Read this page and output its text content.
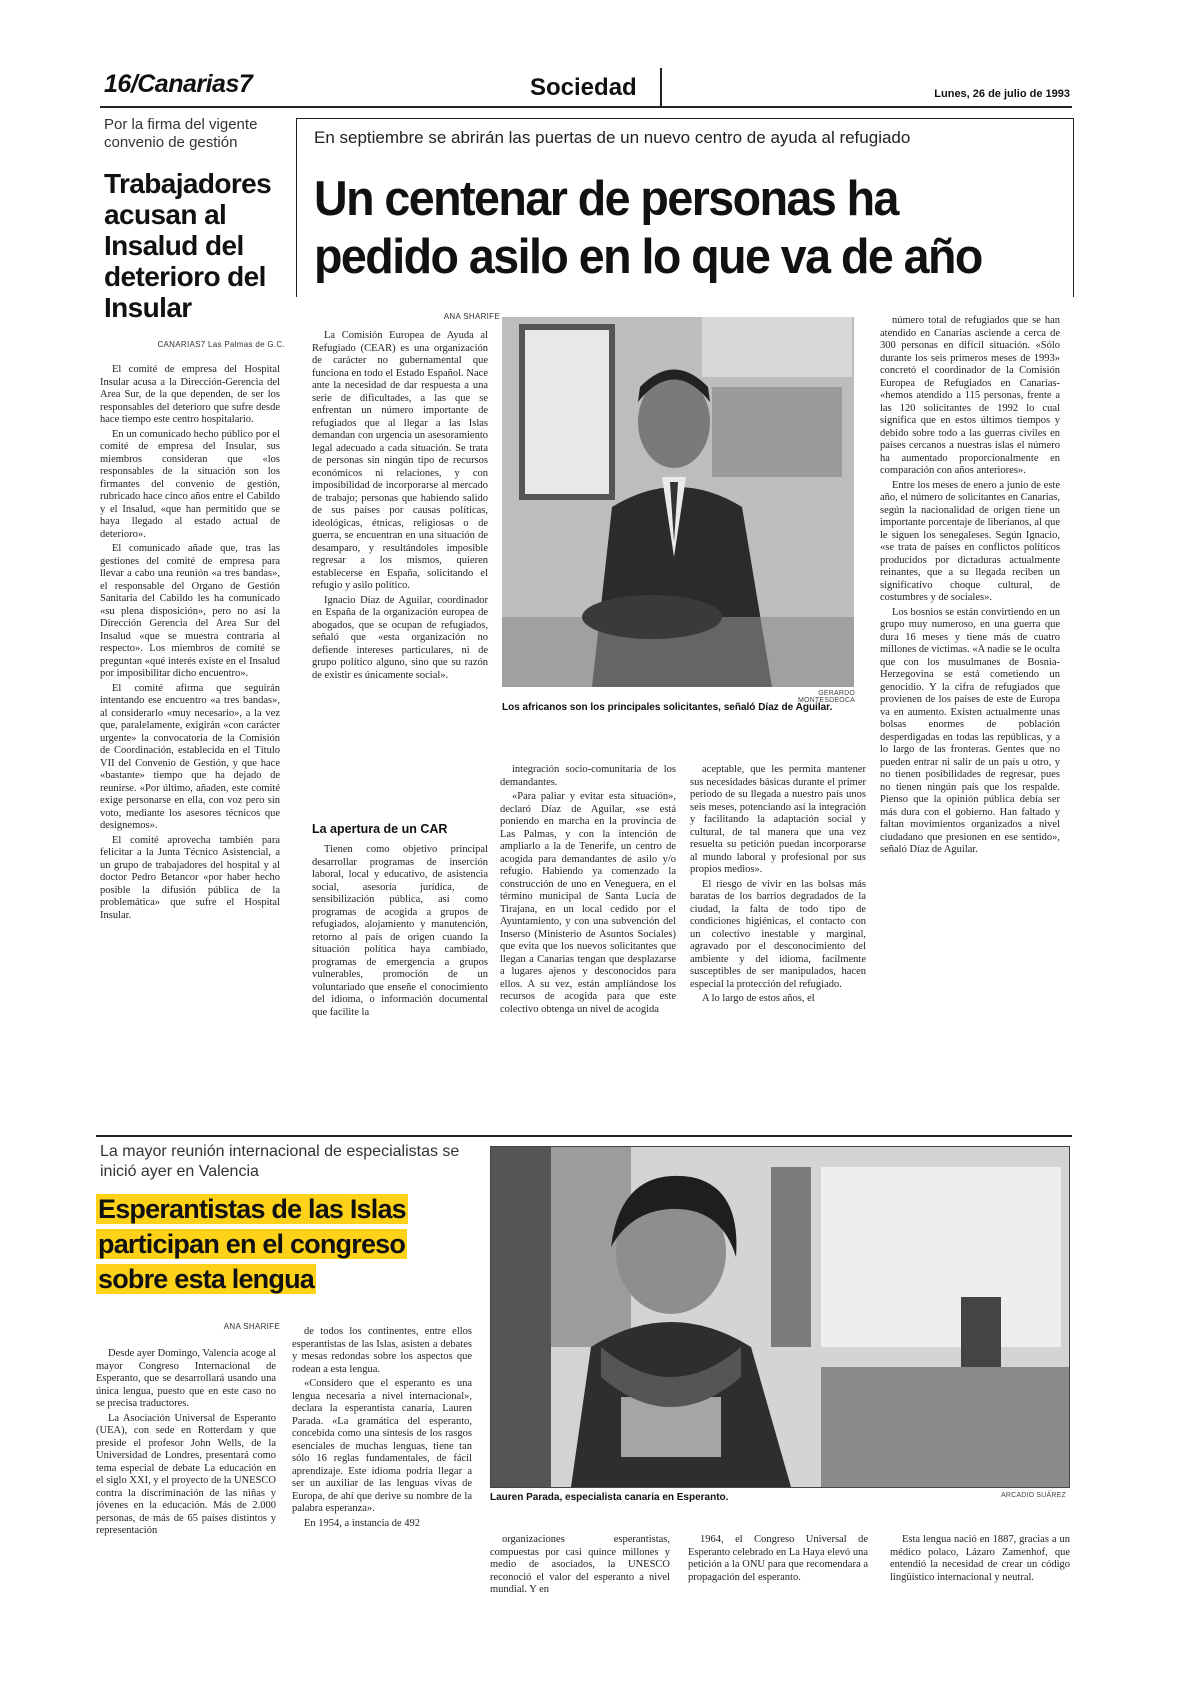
16/Canarias7	Sociedad	Lunes, 26 de julio de 1993
Por la firma del vigente convenio de gestión
Trabajadores acusan al Insalud del deterioro del Insular
CANARIAS7 Las Palmas de G.C.

El comité de empresa del Hospital Insular acusa a la Dirección-Gerencia del Area Sur, de la que dependen, de ser los responsables del deterioro que sufre desde hace tiempo este centro hospitalario.

En un comunicado hecho público por el comité de empresa del Insular, sus miembros consideran que «los responsables de la situación son los firmantes del convenio de gestión, rubricado hace cinco años entre el Cabildo y el Insalud, «que han permitido que se haya llegado al estado actual de deterioro».

El comunicado añade que, tras las gestiones del comité de empresa para llevar a cabo una reunión «a tres bandas», el responsable del Organo de Gestión Sanitaria del Cabildo les ha comunicado «su plena disposición», pero no así la Dirección Gerencia del Area Sur del Insalud «que se muestra contraria al respecto». Los miembros de comité se preguntan «qué interés existe en el Insalud por imposibilitar dicho encuentro».

El comité afirma que seguirán intentando ese encuentro «a tres bandas», al considerarlo «muy necesario», a la vez que, paralelamente, exigirán «con carácter urgente» la convocatoria de la Comisión de Coordinación, establecida en el Título VII del Convenio de Gestión, y que hace «bastante» tiempo que ha dejado de reunirse. «Por último, añaden, este comité exige personarse en ella, con voz pero sin voto, mediante los asesores técnicos que designemos».

El comité aprovecha también para felicitar a la Junta Técnico Asistencial, a un grupo de trabajadores del hospital y al doctor Pedro Betancor «por haber hecho posible la difusión pública de la problemática» que sufre el Hospital Insular.

En septiembre se abrirán las puertas de un nuevo centro de ayuda al refugiado
Un centenar de personas ha
pedido asilo en lo que va de año
ANA SHARIFE

La Comisión Europea de Ayuda al Refugiado (CEAR) es una organización de carácter no gubernamental que funciona en todo el Estado Español. Nace ante la necesidad de dar respuesta a una serie de dificultades, a las que se enfrentan un número importante de refugiados que al llegar a las Islas demandan con urgencia un asesoramiento legal adecuado a cada situación. Se trata de personas sin ningún tipo de recursos económicos ni relaciones, y con imposibilidad de incorporarse al mercado de trabajo; personas que habiendo salido de sus países por causas políticas, ideológicas, étnicas, religiosas o de guerra, se encuentran en una situación de desamparo, y resultándoles imposible regresar a los mismos, quieren establecerse en España, solicitando el refugio y asilo político.

Ignacio Díaz de Aguilar, coordinador en España de la organización europea de abogados, que se ocupan de refugiados, señaló que «esta organización no defiende intereses particulares, ni de grupo político alguno, sino que su razón de existir es únicamente social».

GERARDO MONTESDEOCA
Los africanos son los principales solicitantes, señaló Díaz de Aguilar.
La apertura de un CAR

Tienen como objetivo principal desarrollar programas de inserción laboral, local y educativo, de asistencia social, asesoría jurídica, de sensibilización pública, así como programas de acogida a grupos de refugiados, alojamiento y manutención, retorno al país de origen cuando la situación política haya cambiado, programas de emergencia a grupos vulnerables, promoción de un voluntariado que enseñe el conocimiento del idioma, o información documental que facilite la

integración socio-comunitaria de los demandantes.

«Para paliar y evitar esta situación», declaró Díaz de Aguilar, «se está poniendo en marcha en la provincia de Las Palmas, y con la intención de ampliarlo a la de Tenerife, un centro de acogida para demandantes de asilo y/o refugio. Habiendo ya comenzado la construcción de uno en Veneguera, en el término municipal de Santa Lucía de Tirajana, en un local cedido por el Ayuntamiento, y con una subvención del Inserso (Ministerio de Asuntos Sociales) que evita que los nuevos solicitantes que llegan a Canarias tengan que desplazarse a lugares ajenos y desconocidos para ellos. A su vez, están ampliándose los recursos de acogida para que este colectivo obtenga un nivel de acogida

aceptable, que les permita mantener sus necesidades básicas durante el primer periodo de su llegada a nuestro país unos seis meses, potenciando así la integración y facilitando la adaptación social y cultural, de tal manera que una vez resuelta su petición puedan incorporarse al mundo laboral y profesional por sus propios medios».

El riesgo de vivir en las bolsas más baratas de los barrios degradados de la ciudad, la falta de todo tipo de condiciones higiénicas, el contacto con un colectivo inestable y marginal, agravado por el desconocimiento del ambiente y del idioma, facilmente susceptibles de ser manipulados, hacen especial la protección del refugiado.

A lo largo de estos años, el

número total de refugiados que se han atendido en Canarias asciende a cerca de 300 personas en difícil situación. «Sólo durante los seis primeros meses de 1993» concretó el coordinador de la Comisión Europea de Refugiados en Canarias- «hemos atendido a 115 personas, frente a las 120 solicitantes de 1992 lo cual significa que en estos últimos tiempos y debido sobre todo a las guerras civiles en países cercanos a nuestras islas el número ha aumentado proporcionalmente en comparación con años anteriores».

Entre los meses de enero a junio de este año, el número de solicitantes en Canarias, según la nacionalidad de origen tiene un importante porcentaje de liberianos, al que le siguen los senegaleses. Según Ignacio, «se trata de países en conflictos políticos producidos por dictaduras actualmente reinantes, que a su llegada reciben un significativo choque cultural, de costumbres y de sociales».

Los bosnios se están convirtiendo en un grupo muy numeroso, en una guerra que dura 16 meses y tiene más de cuatro millones de víctimas. «A nadie se le oculta que con los musulmanes de Bosnia-Herzegovina se está cometiendo un genocidio. Y la cifra de refugiados que provienen de los países de este de Europa va en aumento. Existen actualmente unas bolsas enormes de población desperdigadas en todas las repúblicas, y a lo largo de las fronteras. Gentes que no pueden entrar ni salir de un país u otro, y no tienen posibilidades de regresar, pues no tienen ningún país que los respalde. Pienso que la opinión pública debía ser más dura con el gobierno. Han faltado y faltan movimientos organizados a nivel ciudadano que presionen en ese sentido», señaló Díaz de Aguilar.

La mayor reunión internacional de especialistas se inició ayer en Valencia
Esperantistas de las Islas
participan en el congreso
sobre esta lengua
ANA SHARIFE

Desde ayer Domingo, Valencia acoge al mayor Congreso Internacional de Esperanto, que se desarrollará usando una única lengua, puesto que en este caso no se precisa traductores.

La Asociación Universal de Esperanto (UEA), con sede en Rotterdam y que preside el profesor John Wells, de la Universidad de Londres, presentará como tema especial de debate La educación en el siglo XXI, y el proyecto de la UNESCO contra la discriminación de las niñas y jóvenes en la educación. Más de 2.000 personas, de más de 65 países distintos y representación

de todos los continentes, entre ellos esperantistas de las Islas, asisten a debates y mesas redondas sobre los aspectos que rodean a esta lengua.

«Considero que el esperanto es una lengua necesaria a nivel internacional», declara la esperantista canaria, Lauren Parada. «La gramática del esperanto, concebida como una síntesis de los rasgos esenciales de muchas lenguas, tiene tan sólo 16 reglas fundamentales, de fácil aprendizaje. Este idioma podría llegar a ser un auxiliar de las lenguas vivas de Europa, de ahí que derive su nombre de la palabra esperanza».

En 1954, a instancia de 492

Lauren Parada, especialista canaria en Esperanto.	ARCADIO SUÁREZ

organizaciones esperantistas, compuestas por casi quince millones y medio de asociados, la UNESCO reconoció el valor del esperanto a nivel mundial. Y en

1964, el Congreso Universal de Esperanto celebrado en La Haya elevó una petición a la ONU para que recomendara a propagación del esperanto.

Esta lengua nació en 1887, gracias a un médico polaco, Lázaro Zamenhof, que entendió la necesidad de crear un código lingüístico internacional y neutral.
